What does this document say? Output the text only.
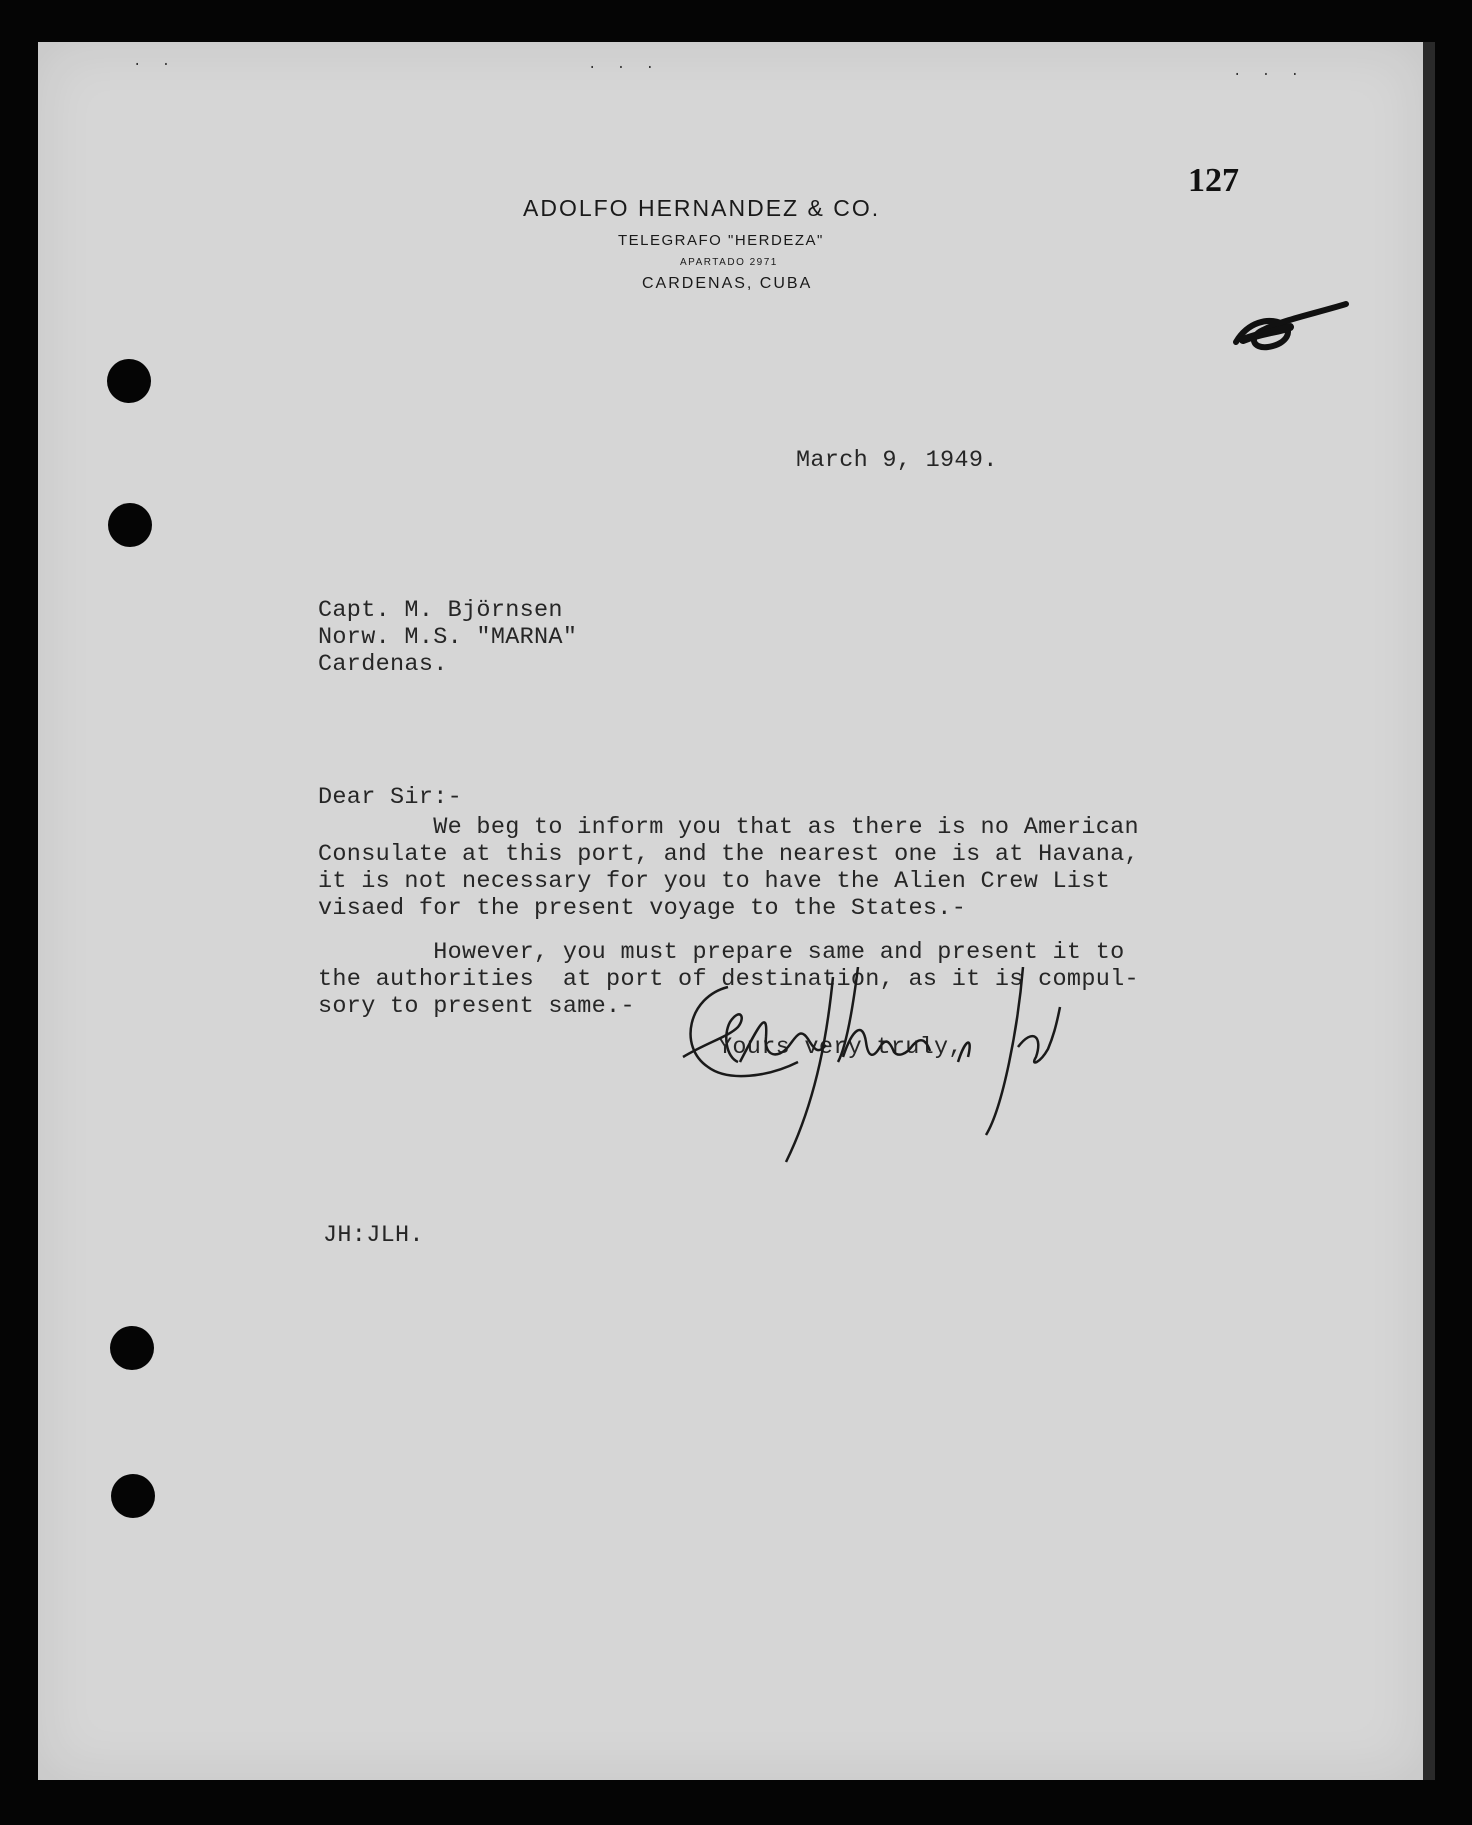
· ·	· · ·	· · ·
ADOLFO HERNANDEZ & CO.
TELEGRAFO "HERDEZA"
APARTADO 2971
CARDENAS, CUBA
127
March 9, 1949.
Capt. M. Björnsen
Norw. M.S. "MARNA"
Cardenas.
Dear Sir:-
We beg to inform you that as there is no American
Consulate at this port, and the nearest one is at Havana,
it is not necessary for you to have the Alien Crew List
visaed for the present voyage to the States.-
However, you must prepare same and present it to
the authorities  at port of destination, as it is compul-
sory to present same.-
Yours very truly,
JH:JLH.
